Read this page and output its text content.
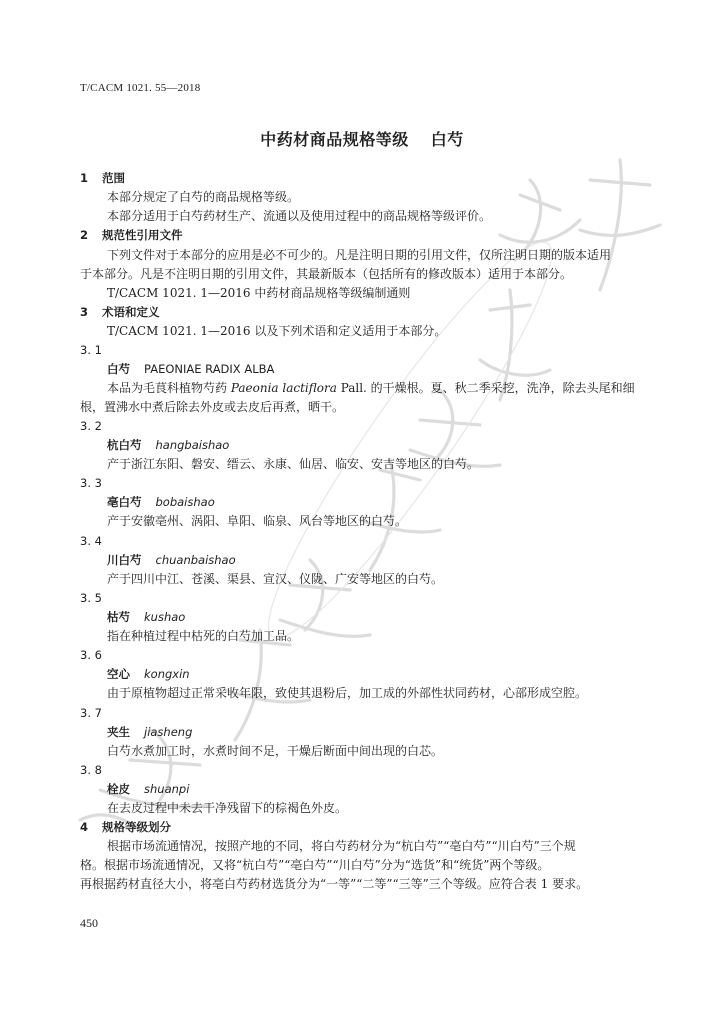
T/CACM 1021. 55—2018
中药材商品规格等级 白芍
1 范围
本部分规定了白芍的商品规格等级。
本部分适用于白芍药材生产、流通以及使用过程中的商品规格等级评价。
2 规范性引用文件
下列文件对于本部分的应用是必不可少的。凡是注明日期的引用文件，仅所注明日期的版本适用
于本部分。凡是不注明日期的引用文件，其最新版本（包括所有的修改版本）适用于本部分。
T/CACM 1021. 1—2016 中药材商品规格等级编制通则
3 术语和定义
T/CACM 1021. 1—2016 以及下列术语和定义适用于本部分。
3. 1
白芍 PAEONIAE RADIX ALBA
本品为毛茛科植物芍药 Paeonia lactiflora Pall. 的干燥根。夏、秋二季采挖，洗净，除去头尾和细
根，置沸水中煮后除去外皮或去皮后再煮，晒干。
3. 2
杭白芍 hangbaishao
产于浙江东阳、磐安、缙云、永康、仙居、临安、安吉等地区的白芍。
3. 3
亳白芍 bobaishao
产于安徽亳州、涡阳、阜阳、临泉、风台等地区的白芍。
3. 4
川白芍 chuanbaishao
产于四川中江、苍溪、渠县、宣汉、仪陇、广安等地区的白芍。
3. 5
枯芍 kushao
指在种植过程中枯死的白芍加工品。
3. 6
空心 kongxin
由于原植物超过正常采收年限，致使其退粉后，加工成的外部性状同药材，心部形成空腔。
3. 7
夹生 jiasheng
白芍水煮加工时，水煮时间不足，干燥后断面中间出现的白芯。
3. 8
栓皮 shuanpi
在去皮过程中未去干净残留下的棕褐色外皮。
4 规格等级划分
根据市场流通情况，按照产地的不同，将白芍药材分为“杭白芍”“亳白芍”“川白芍”三个规
格。根据市场流通情况，又将“杭白芍”“亳白芍”“川白芍”分为“选货”和“统货”两个等级。
再根据药材直径大小，将亳白芍药材选货分为“一等”“二等”“三等”三个等级。应符合表 1 要求。
450
